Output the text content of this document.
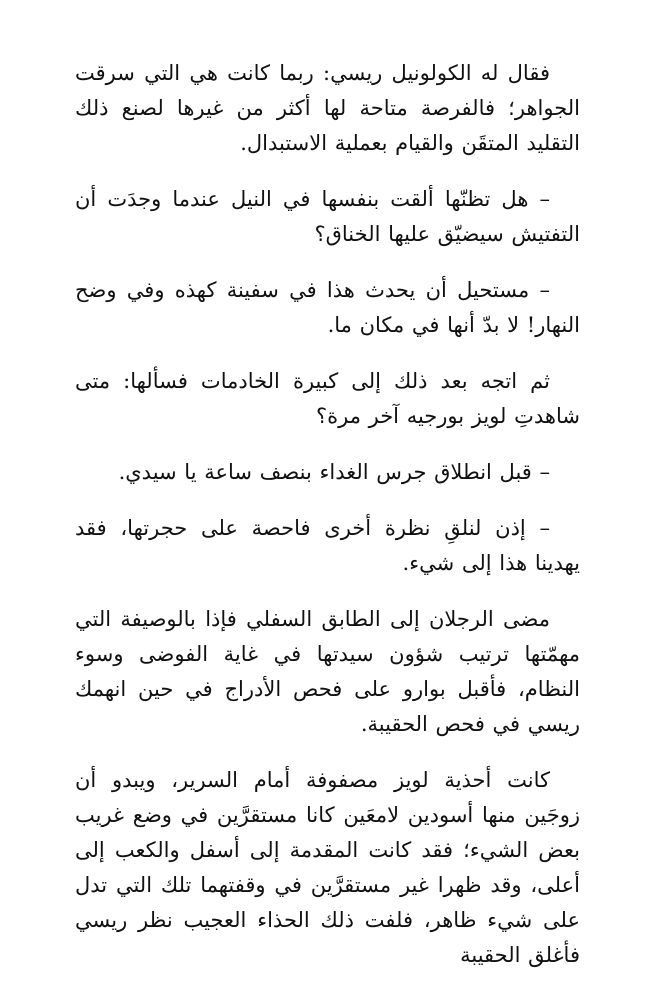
فقال له الكولونيل ريسي: ربما كانت هي التي سرقت الجواهر؛ فالفرصة متاحة لها أكثر من غيرها لصنع ذلك التقليد المتقَن والقيام بعملية الاستبدال.

– هل تظنّها ألقت بنفسها في النيل عندما وجدَت أن التفتيش سيضيّق عليها الخناق؟

– مستحيل أن يحدث هذا في سفينة كهذه وفي وضح النهار! لا بدّ أنها في مكان ما.

ثم اتجه بعد ذلك إلى كبيرة الخادمات فسألها: متى شاهدتِ لويز بورجيه آخر مرة؟

– قبل انطلاق جرس الغداء بنصف ساعة يا سيدي.

– إذن لنلقِ نظرة أخرى فاحصة على حجرتها، فقد يهدينا هذا إلى شيء.

مضى الرجلان إلى الطابق السفلي فإذا بالوصيفة التي مهمّتها ترتيب شؤون سيدتها في غاية الفوضى وسوء النظام، فأقبل بوارو على فحص الأدراج في حين انهمك ريسي في فحص الحقيبة.

كانت أحذية لويز مصفوفة أمام السرير، ويبدو أن زوجَين منها أسودين لامعَين كانا مستقرَّين في وضع غريب بعض الشيء؛ فقد كانت المقدمة إلى أسفل والكعب إلى أعلى، وقد ظهرا غير مستقرَّين في وقفتهما تلك التي تدل على شيء ظاهر، فلفت ذلك الحذاء العجيب نظر ريسي فأغلق الحقيبة
